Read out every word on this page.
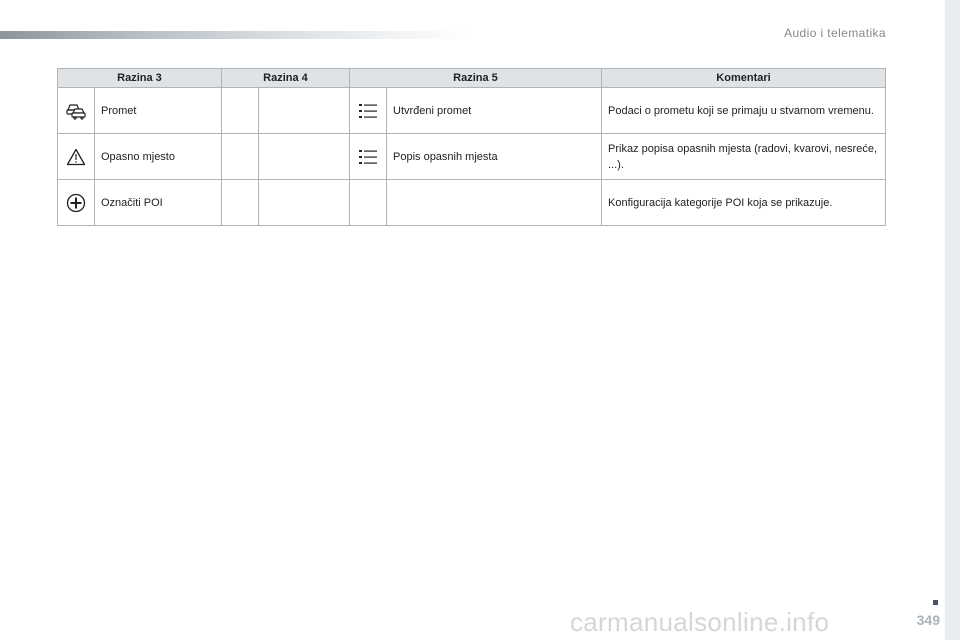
Audio i telematika
Razina 3		Razina 4		Razina 5		Komentari

	Promet				Utvrđeni promet	Podaci o prometu koji se primaju u stvarnom vremenu.

	Opasno mjesto				Popis opasnih mjesta	Prikaz popisa opasnih mjesta (radovi, kvarovi, nesreće, ...).

	Označiti POI					Konfiguracija kategorije POI koja se prikazuje.
349
carmanualsonline.info
